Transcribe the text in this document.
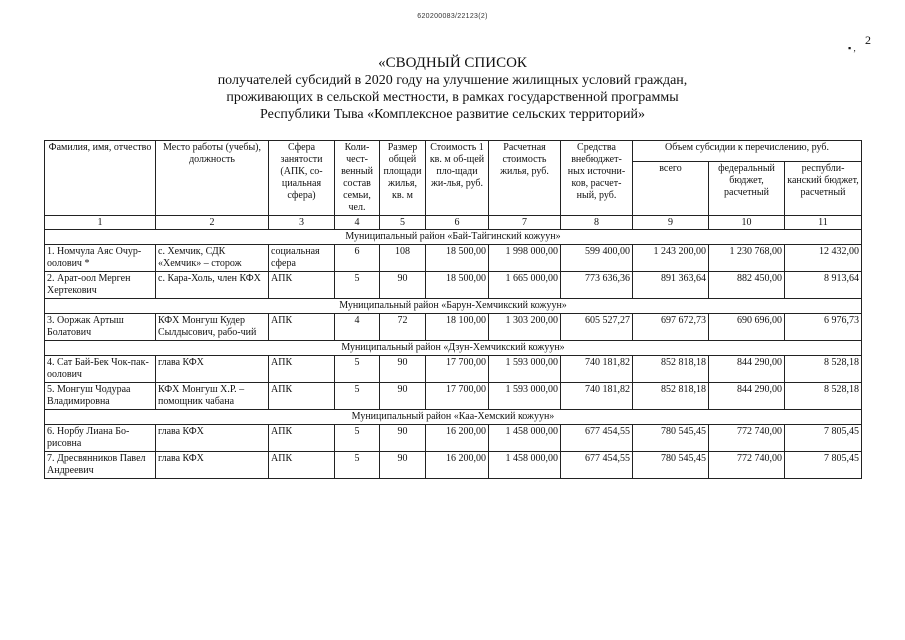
620200083/22123(2)
2
▪ ,
«СВОДНЫЙ СПИСОК
получателей субсидий в 2020 году на улучшение жилищных условий граждан,
проживающих в сельской местности, в рамках государственной программы
Республики Тыва «Комплексное развитие сельских территорий»
Фамилия, имя, отчество	Место работы (учебы), должность	Сфера занятости (АПК, со-циальная сфера)	Коли-чест-венный состав семьи, чел.	Размер общей площади жилья, кв. м	Стоимость 1 кв. м об-щей пло-щади жи-лья, руб.	Расчетная стоимость жилья, руб.	Средства внебюджет-ных источни-ков, расчет-ный, руб.	Объем субсидии к перечислению, руб.		
								всего	федеральный бюджет, расчетный	республи-канский бюджет, расчетный
1	2	3	4	5	6	7	8	9	10	11
Муниципальный район «Бай-Тайгинский кожуун»										
1. Номчула Аяс Очур-оолович *	с. Хемчик, СДК «Хемчик» – сторож	социальная сфера	6	108	18 500,00	1 998 000,00	599 400,00	1 243 200,00	1 230 768,00	12 432,00
2. Арат-оол Мерген Хертекович	с. Кара-Холь, член КФХ	АПК	5	90	18 500,00	1 665 000,00	773 636,36	891 363,64	882 450,00	8 913,64
Муниципальный район «Барун-Хемчикский кожуун»										
3. Ооржак Артыш Болатович	КФХ Монгуш Кудер Сылдысович, рабо-чий	АПК	4	72	18 100,00	1 303 200,00	605 527,27	697 672,73	690 696,00	6 976,73
Муниципальный район «Дзун-Хемчикский кожуун»										
4. Сат Бай-Бек Чок-пак-оолович	глава КФХ	АПК	5	90	17 700,00	1 593 000,00	740 181,82	852 818,18	844 290,00	8 528,18
5. Монгуш Чодураа Владимировна	КФХ Монгуш Х.Р. – помощник чабана	АПК	5	90	17 700,00	1 593 000,00	740 181,82	852 818,18	844 290,00	8 528,18
Муниципальный район «Каа-Хемский кожуун»										
6. Норбу Лиана Бо-рисовна	глава КФХ	АПК	5	90	16 200,00	1 458 000,00	677 454,55	780 545,45	772 740,00	7 805,45
7. Дресвянников Павел Андреевич	глава КФХ	АПК	5	90	16 200,00	1 458 000,00	677 454,55	780 545,45	772 740,00	7 805,45
